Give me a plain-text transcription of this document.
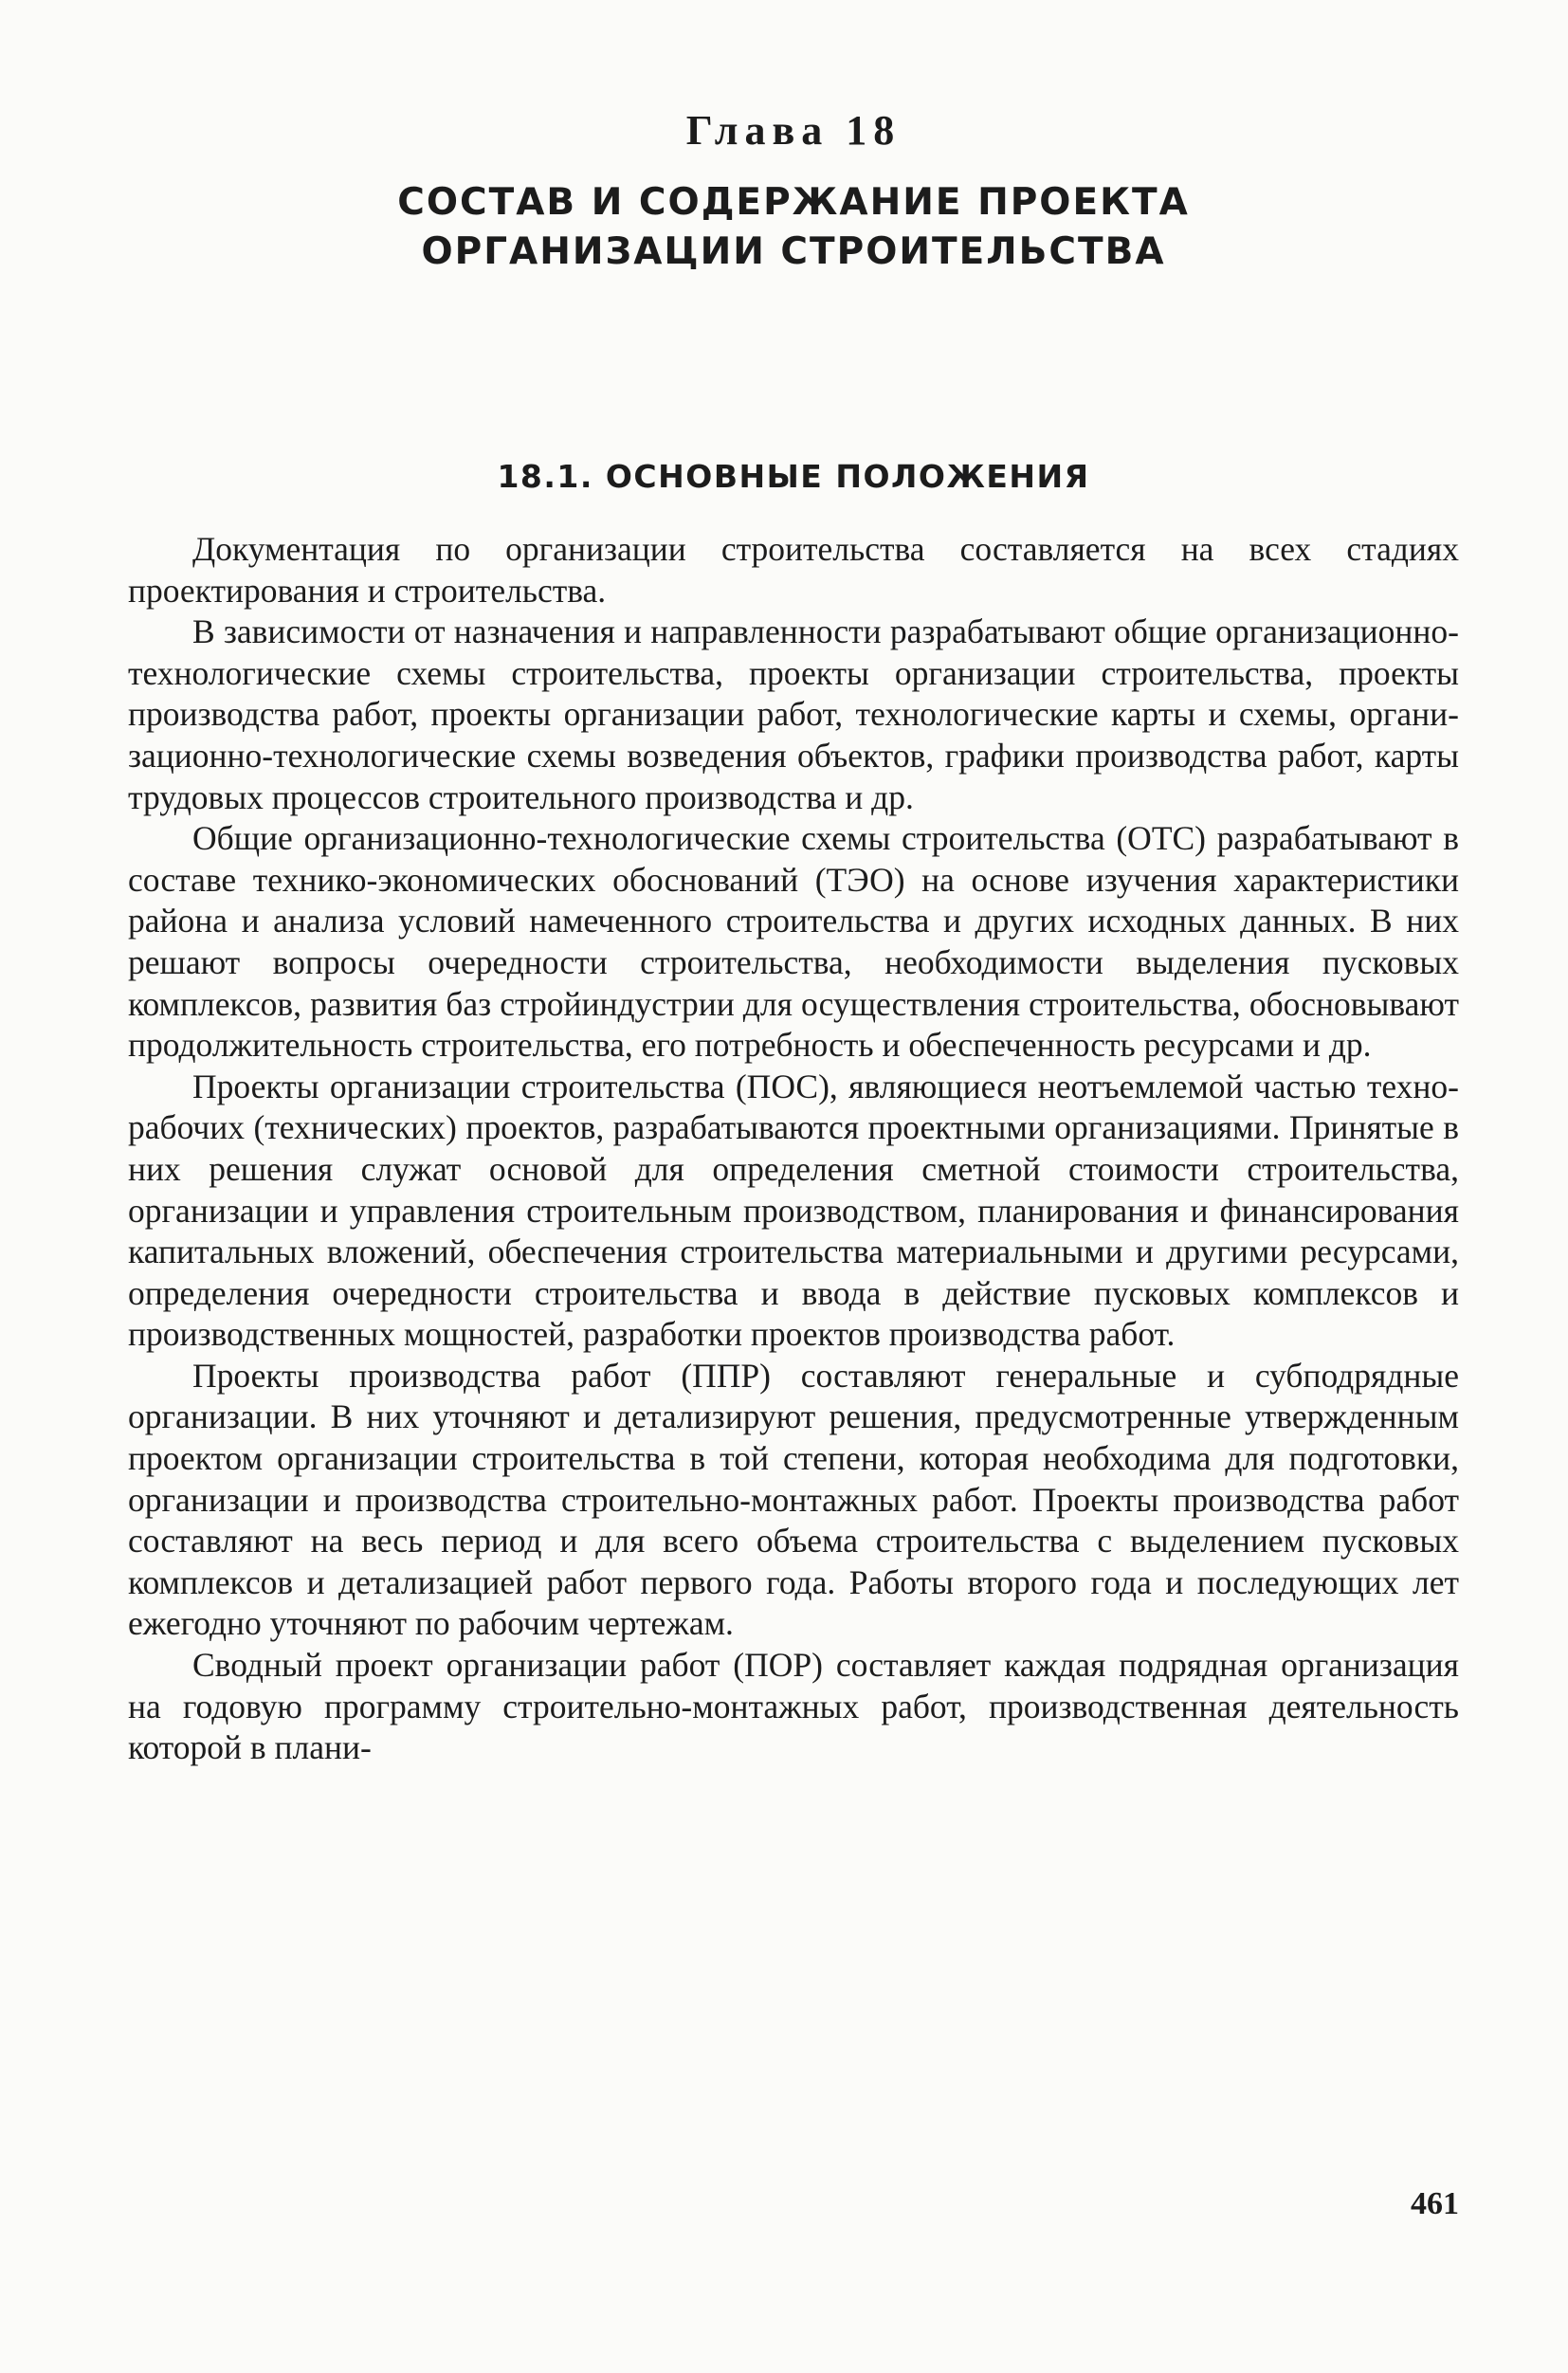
Глава 18
СОСТАВ И СОДЕРЖАНИЕ ПРОЕКТА
ОРГАНИЗАЦИИ СТРОИТЕЛЬСТВА
18.1. ОСНОВНЫЕ ПОЛОЖЕНИЯ

Документация по организации строительства составляется на всех стадиях проектирования и строительства.

В зависимости от назначения и направленности разрабатывают общие организационно-технологические схемы строительства, проекты организации строительства, проекты производства работ, проекты организации работ, технологические карты и схемы, организационно-технологические схемы возведения объектов, графики производства работ, карты трудовых процессов строительного производства и др.

Общие организационно-технологические схемы строительства (ОТС) разрабатывают в составе технико-экономических обоснований (ТЭО) на основе изучения характеристики района и анализа условий намеченного строительства и других исходных данных. В них решают вопросы очередности строительства, необходимости выделения пусковых комплексов, развития баз стройиндустрии для осуществления строительства, обосновывают продолжительность строительства, его потребность и обеспеченность ресурсами и др.

Проекты организации строительства (ПОС), являющиеся неотъемлемой частью техно-рабочих (технических) проектов, разрабатываются проектными организациями. Принятые в них решения служат основой для определения сметной стоимости строительства, организации и управления строительным производством, планирования и финансирования капитальных вложений, обеспечения строительства материальными и другими ресурсами, определения очередности строительства и ввода в действие пусковых комплексов и производственных мощностей, разработки проектов производства работ.

Проекты производства работ (ППР) составляют генеральные и субподрядные организации. В них уточняют и детализируют решения, предусмотренные утвержденным проектом организации строительства в той степени, которая необходима для подготовки, организации и производства строительно-монтажных работ. Проекты производства работ составляют на весь период и для всего объема строительства с выделением пусковых комплексов и детализацией работ первого года. Работы второго года и последующих лет ежегодно уточняют по рабочим чертежам.

Сводный проект организации работ (ПОР) составляет каждая подрядная организация на годовую программу строительно-монтажных работ, производственная деятельность которой в плани-

461
